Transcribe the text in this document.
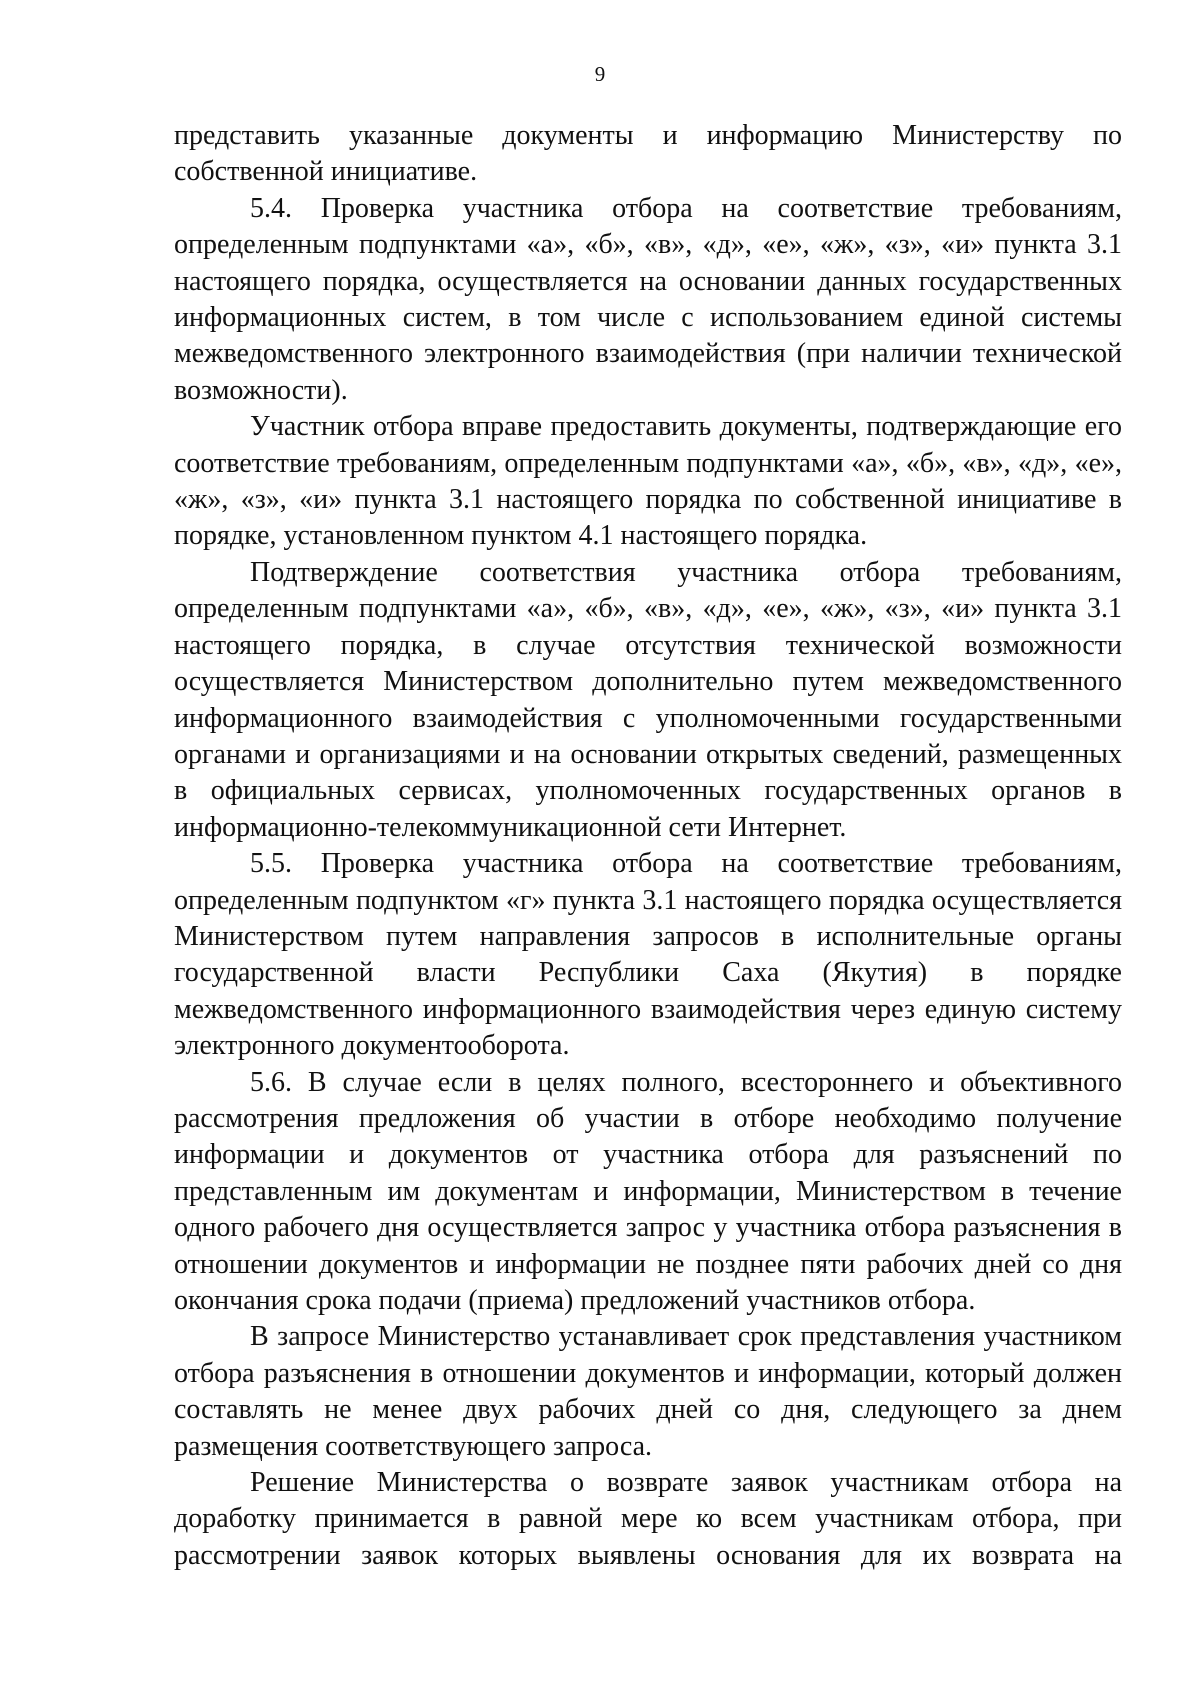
9

представить указанные документы и информацию Министерству по собственной инициативе.

5.4. Проверка участника отбора на соответствие требованиям, определенным подпунктами «а», «б», «в», «д», «е», «ж», «з», «и» пункта 3.1 настоящего порядка, осуществляется на основании данных государственных информационных систем, в том числе с использованием единой системы межведомственного электронного взаимодействия (при наличии технической возможности).

Участник отбора вправе предоставить документы, подтверждающие его соответствие требованиям, определенным подпунктами «а», «б», «в», «д», «е», «ж», «з», «и» пункта 3.1 настоящего порядка по собственной инициативе в порядке, установленном пунктом 4.1 настоящего порядка.

Подтверждение соответствия участника отбора требованиям, определенным подпунктами «а», «б», «в», «д», «е», «ж», «з», «и» пункта 3.1 настоящего порядка, в случае отсутствия технической возможности осуществляется Министерством дополнительно путем межведомственного информационного взаимодействия с уполномоченными государственными органами и организациями и на основании открытых сведений, размещенных в официальных сервисах, уполномоченных государственных органов в информационно-телекоммуникационной сети Интернет.

5.5. Проверка участника отбора на соответствие требованиям, определенным подпунктом «г» пункта 3.1 настоящего порядка осуществляется Министерством путем направления запросов в исполнительные органы государственной власти Республики Саха (Якутия) в порядке межведомственного информационного взаимодействия через единую систему электронного документооборота.

5.6. В случае если в целях полного, всестороннего и объективного рассмотрения предложения об участии в отборе необходимо получение информации и документов от участника отбора для разъяснений по представленным им документам и информации, Министерством в течение одного рабочего дня осуществляется запрос у участника отбора разъяснения в отношении документов и информации не позднее пяти рабочих дней со дня окончания срока подачи (приема) предложений участников отбора.

В запросе Министерство устанавливает срок представления участником отбора разъяснения в отношении документов и информации, который должен составлять не менее двух рабочих дней со дня, следующего за днем размещения соответствующего запроса.

Решение Министерства о возврате заявок участникам отбора на доработку принимается в равной мере ко всем участникам отбора, при рассмотрении заявок которых выявлены основания для их возврата на
